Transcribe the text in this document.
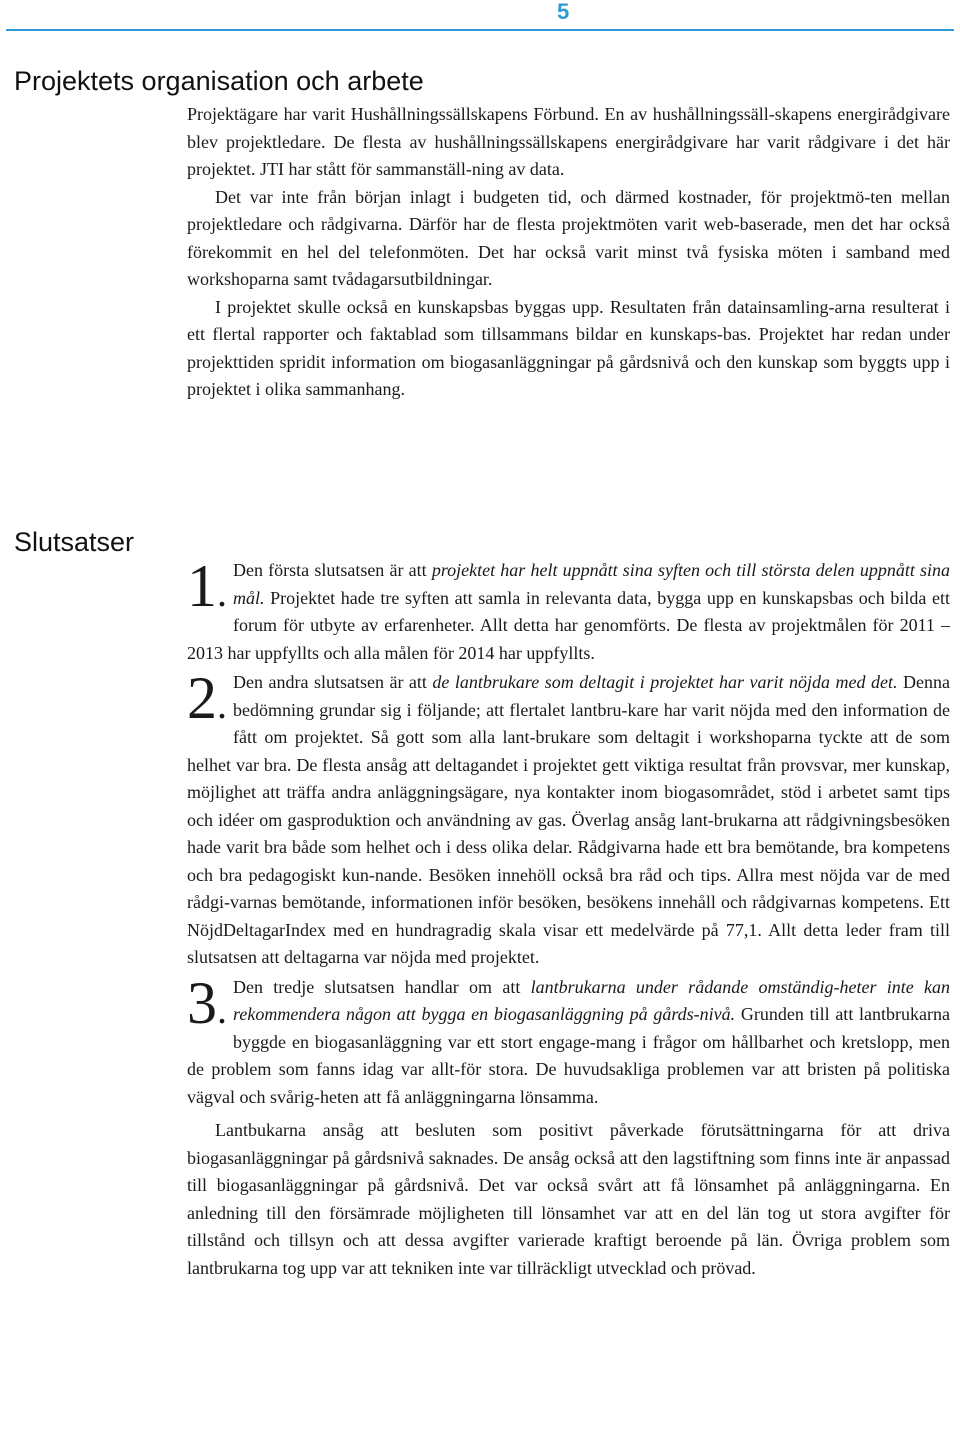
5
Projektets organisation och arbete

Projektägare har varit Hushållningssällskapens Förbund. En av hushållningssäll-skapens energirådgivare blev projektledare. De flesta av hushållningssällskapens energirådgivare har varit rådgivare i det här projektet. JTI har stått för sammanställ-ning av data.

Det var inte från början inlagt i budgeten tid, och därmed kostnader, för projektmö-ten mellan projektledare och rådgivarna. Därför har de flesta projektmöten varit web-baserade, men det har också förekommit en hel del telefonmöten. Det har också varit minst två fysiska möten i samband med workshoparna samt tvådagarsutbildningar.

I projektet skulle också en kunskapsbas byggas upp. Resultaten från datainsamling-arna resulterat i ett flertal rapporter och faktablad som tillsammans bildar en kunskaps-bas. Projektet har redan under projekttiden spridit information om biogasanläggningar på gårdsnivå och den kunskap som byggts upp i projektet i olika sammanhang.

Slutsatser

1. Den första slutsatsen är att projektet har helt uppnått sina syften och till största delen uppnått sina mål. Projektet hade tre syften att samla in relevanta data, bygga upp en kunskapsbas och bilda ett forum för utbyte av erfarenheter. Allt detta har genomförts. De flesta av projektmålen för 2011 – 2013 har uppfyllts och alla målen för 2014 har uppfyllts.

2. Den andra slutsatsen är att de lantbrukare som deltagit i projektet har varit nöjda med det. Denna bedömning grundar sig i följande; att flertalet lantbru-kare har varit nöjda med den information de fått om projektet. Så gott som alla lant-brukare som deltagit i workshoparna tyckte att de som helhet var bra. De flesta ansåg att deltagandet i projektet gett viktiga resultat från provsvar, mer kunskap, möjlighet att träffa andra anläggningsägare, nya kontakter inom biogasområdet, stöd i arbetet samt tips och idéer om gasproduktion och användning av gas. Överlag ansåg lant-brukarna att rådgivningsbesöken hade varit bra både som helhet och i dess olika delar. Rådgivarna hade ett bra bemötande, bra kompetens och bra pedagogiskt kun-nande. Besöken innehöll också bra råd och tips. Allra mest nöjda var de med rådgi-varnas bemötande, informationen inför besöken, besökens innehåll och rådgivarnas kompetens. Ett NöjdDeltagarIndex med en hundragradig skala visar ett medelvärde på 77,1. Allt detta leder fram till slutsatsen att deltagarna var nöjda med projektet.

3. Den tredje slutsatsen handlar om att lantbrukarna under rådande omständig-heter inte kan rekommendera någon att bygga en biogasanläggning på gårds-nivå. Grunden till att lantbrukarna byggde en biogasanläggning var ett stort engage-mang i frågor om hållbarhet och kretslopp, men de problem som fanns idag var allt-för stora. De huvudsakliga problemen var att bristen på politiska vägval och svårig-heten att få anläggningarna lönsamma.

Lantbukarna ansåg att besluten som positivt påverkade förutsättningarna för att driva biogasanläggningar på gårdsnivå saknades. De ansåg också att den lagstiftning som finns inte är anpassad till biogasanläggningar på gårdsnivå. Det var också svårt att få lönsamhet på anläggningarna. En anledning till den försämrade möjligheten till lönsamhet var att en del län tog ut stora avgifter för tillstånd och tillsyn och att dessa avgifter varierade kraftigt beroende på län. Övriga problem som lantbrukarna tog upp var att tekniken inte var tillräckligt utvecklad och prövad.
